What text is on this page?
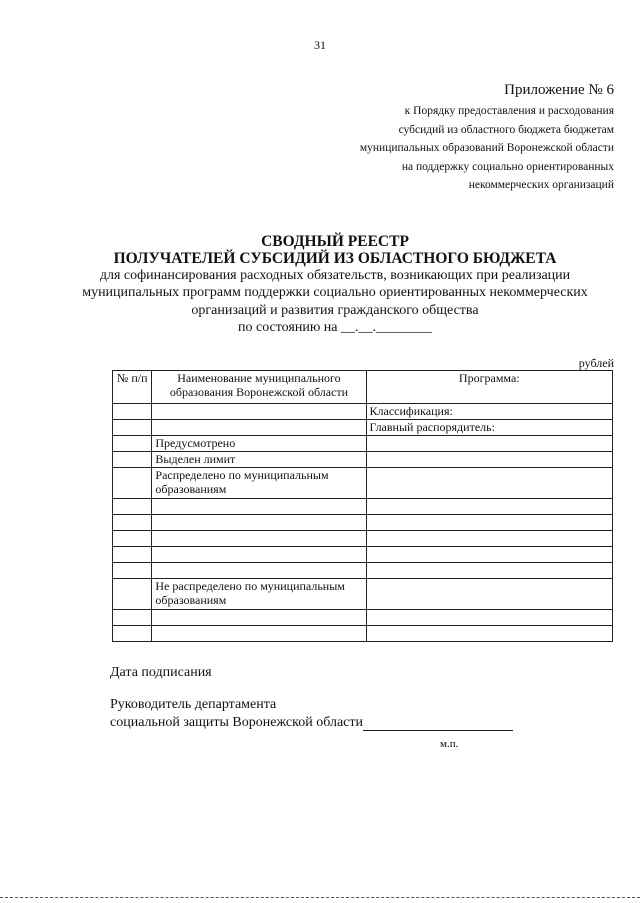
31
Приложение № 6
к Порядку предоставления и расходования
субсидий из областного бюджета бюджетам
муниципальных образований Воронежской области
на поддержку социально ориентированных
некоммерческих организаций
СВОДНЫЙ РЕЕСТР
ПОЛУЧАТЕЛЕЙ СУБСИДИЙ ИЗ ОБЛАСТНОГО БЮДЖЕТА
для софинансирования расходных обязательств, возникающих при реализации муниципальных программ поддержки социально ориентированных некоммерческих организаций и развития гражданского общества
по состоянию на __.__.________
рублей
№ п/п	Наименование муниципального образования Воронежской области	Программа:
		Классификация:
		Главный распорядитель:
	Предусмотрено	
	Выделен лимит	
	Распределено по муниципальным образованиям	

	Не распределено по муниципальным образованиям	

Дата подписания
Руководитель департамента
социальной защиты Воронежской области
м.п.
